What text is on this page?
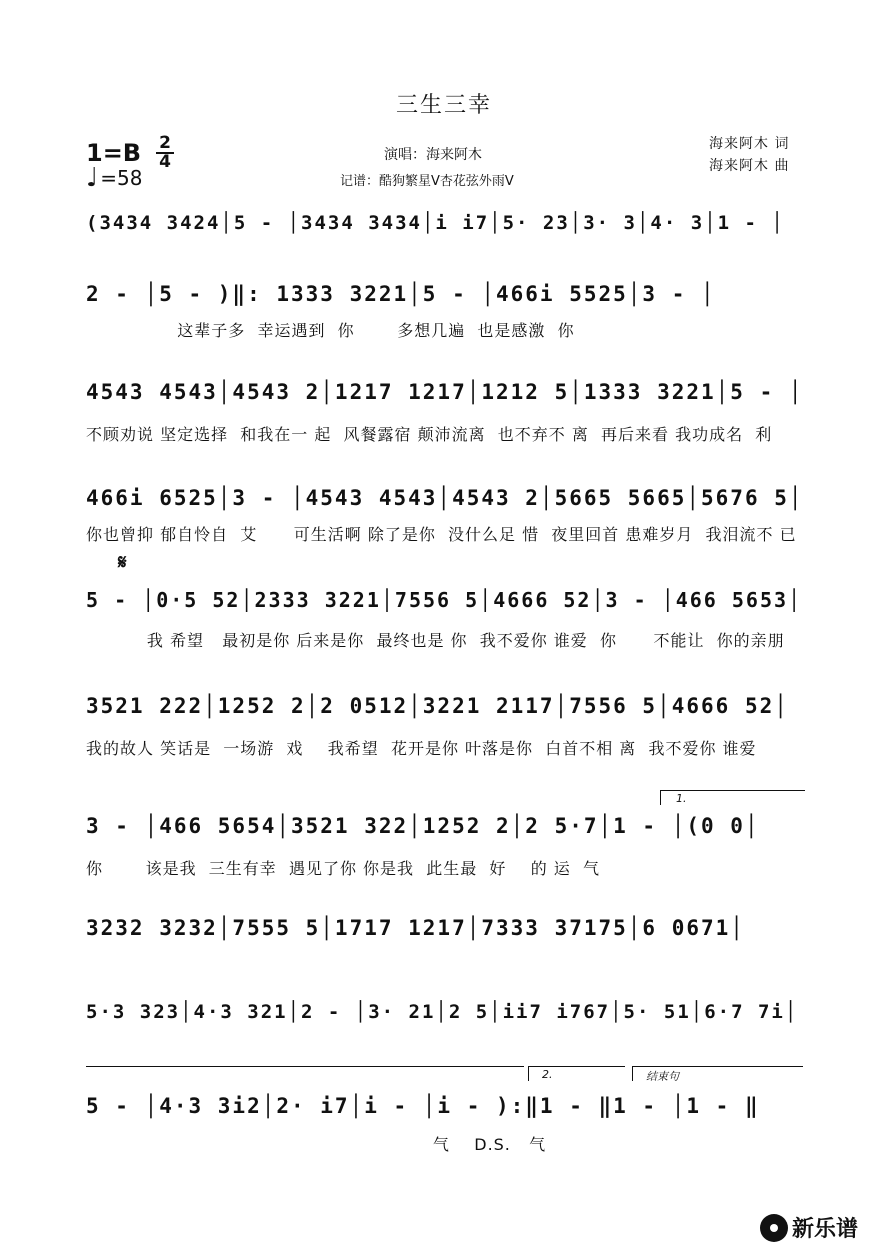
三生三幸
1=B 2
4
♩ =58
演唱：海来阿木
记谱：酷狗繁星V杏花弦外雨V
海来阿木 词
海来阿木 曲
(3434 3424│5 - │3434 3434│i i7│5· 23│3· 3│4· 3│1 - │
2 - │5 - )‖: 1333 3221│5 - │466i 5525│3 - │
这辈子多  幸运遇到  你       多想几遍  也是感激  你
4543 4543│4543 2│1217 1217│1212 5│1333 3221│5 - │
不顾劝说 坚定选择  和我在一 起  风餐露宿 颠沛流离  也不弃不 离  再后来看 我功成名  利
466i 6525│3 - │4543 4543│4543 2│5665 5665│5676 5│
你也曾抑 郁自怜自  艾      可生活啊 除了是你  没什么足 惜  夜里回首 患难岁月  我泪流不 已
𝄋
5 - │0·5 52│2333 3221│7556 5│4666 52│3 - │466 5653│
我 希望   最初是你 后来是你  最终也是 你  我不爱你 谁爱  你      不能让  你的亲朋
3521 222│1252 2│2 0512│3221 2117│7556 5│4666 52│
我的故人 笑话是  一场游  戏    我希望  花开是你 叶落是你  白首不相 离  我不爱你 谁爱
1.
3 - │466 5654│3521 322│1252 2│2 5·7│1 - │(0 0│
你       该是我  三生有幸  遇见了你 你是我  此生最  好    的 运  气
3232 3232│7555 5│1717 1217│7333 37175│6 0671│
5·3 323│4·3 321│2 - │3· 21│2 5│ii7 i767│5· 51│6·7 7i│
2.	结束句
5 - │4·3 3i2│2· i7│i - │i - ):‖1 - ‖1 - │1 - ‖
气    D.S.   气
新乐谱
